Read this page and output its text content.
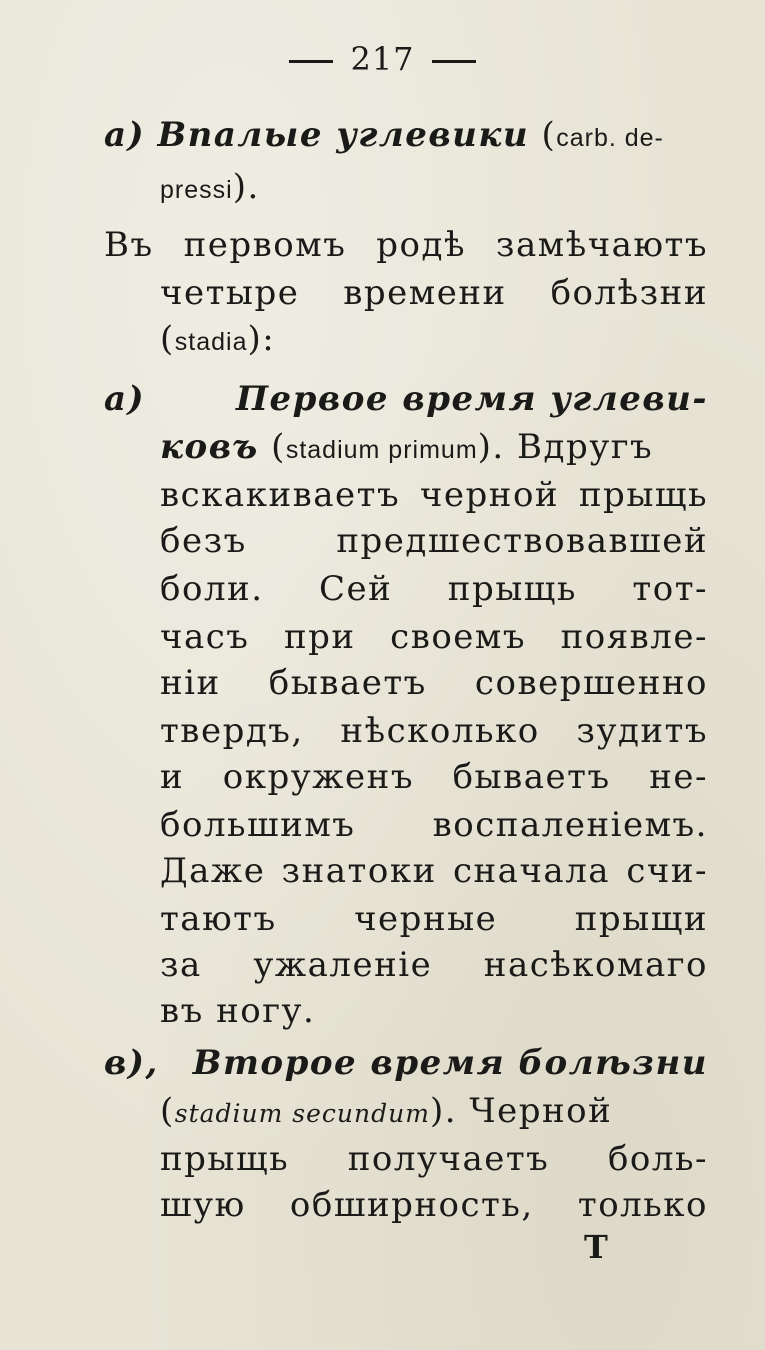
217
а) Впалые углевики (carb. de-
pressi).
Въ первомъ родѣ замѣчаютъ
четыре времени болѣзни
(stadia):
а)	Первое время углеви-
ковъ (stadium primum). Вдругъ
вскакиваетъ черной прыщь
безъ предшествовавшей
боли. Сей прыщь тот-
часъ при своемъ появле-
ніи бываетъ совершенно
твердъ, нѣсколько зудитъ
и окруженъ бываетъ не-
большимъ воспаленіемъ.
Даже знатоки сначала счи-
таютъ черные прыщи
за ужаленіе насѣкомаго
въ ногу.
в), Второе время болѣзни
(stadium secundum). Черной
прыщь получаетъ боль-
шую обширность, только
Т
